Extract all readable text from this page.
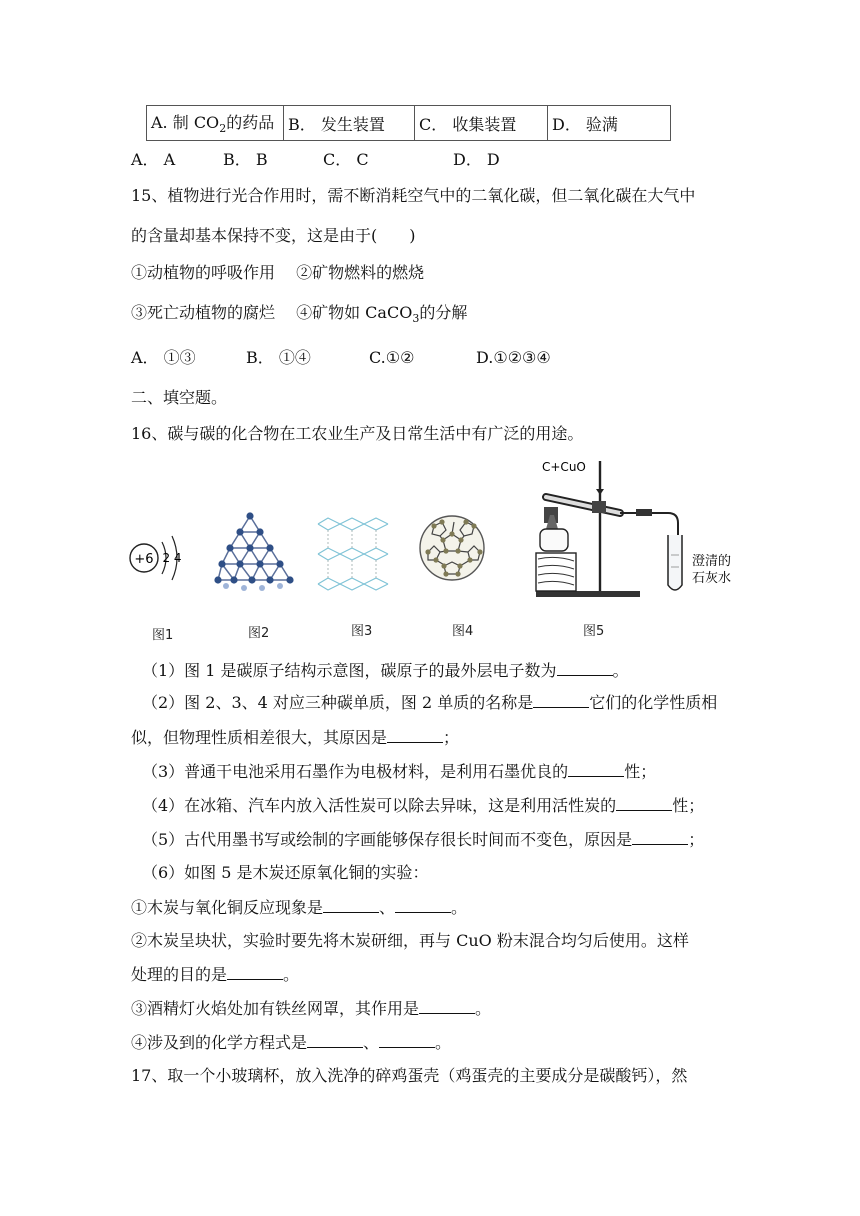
A. 制 $CO_2$的药品	B． 发生装置	C． 收集装置	D． 验满
A． A	B． B	C． C	D． D
15、植物进行光合作用时，需不断消耗空气中的二氧化碳，但二氧化碳在大气中
的含量却基本保持不变，这是由于(　　)
①动植物的呼吸作用　 ②矿物燃料的燃烧
③死亡动植物的腐烂　 ④矿物如 CaCO$_3$的分解
A． ①③	B． ①④	C.①②	D.①②③④
二、填空题。
16、碳与碳的化合物在工农业生产及日常生活中有广泛的用途。
+6 2 4
C+CuO
澄清的
石灰水
图1	图2	图3	图4	图5
（1）图 1 是碳原子结构示意图，碳原子的最外层电子数为	。
（2）图 2、3、4 对应三种碳单质，图 2 单质的名称是	它们的化学性质相
似，但物理性质相差很大，其原因是	；
（3）普通干电池采用石墨作为电极材料，是利用石墨优良的	性；
（4）在冰箱、汽车内放入活性炭可以除去异味，这是利用活性炭的	性；
（5）古代用墨书写或绘制的字画能够保存很长时间而不变色，原因是	；
（6）如图 5 是木炭还原氧化铜的实验：
①木炭与氧化铜反应现象是	、	。
②木炭呈块状，实验时要先将木炭研细，再与 CuO 粉末混合均匀后使用。这样
处理的目的是	。
③酒精灯火焰处加有铁丝网罩，其作用是	。
④涉及到的化学方程式是	、	。
17、取一个小玻璃杯，放入洗净的碎鸡蛋壳（鸡蛋壳的主要成分是碳酸钙），然
